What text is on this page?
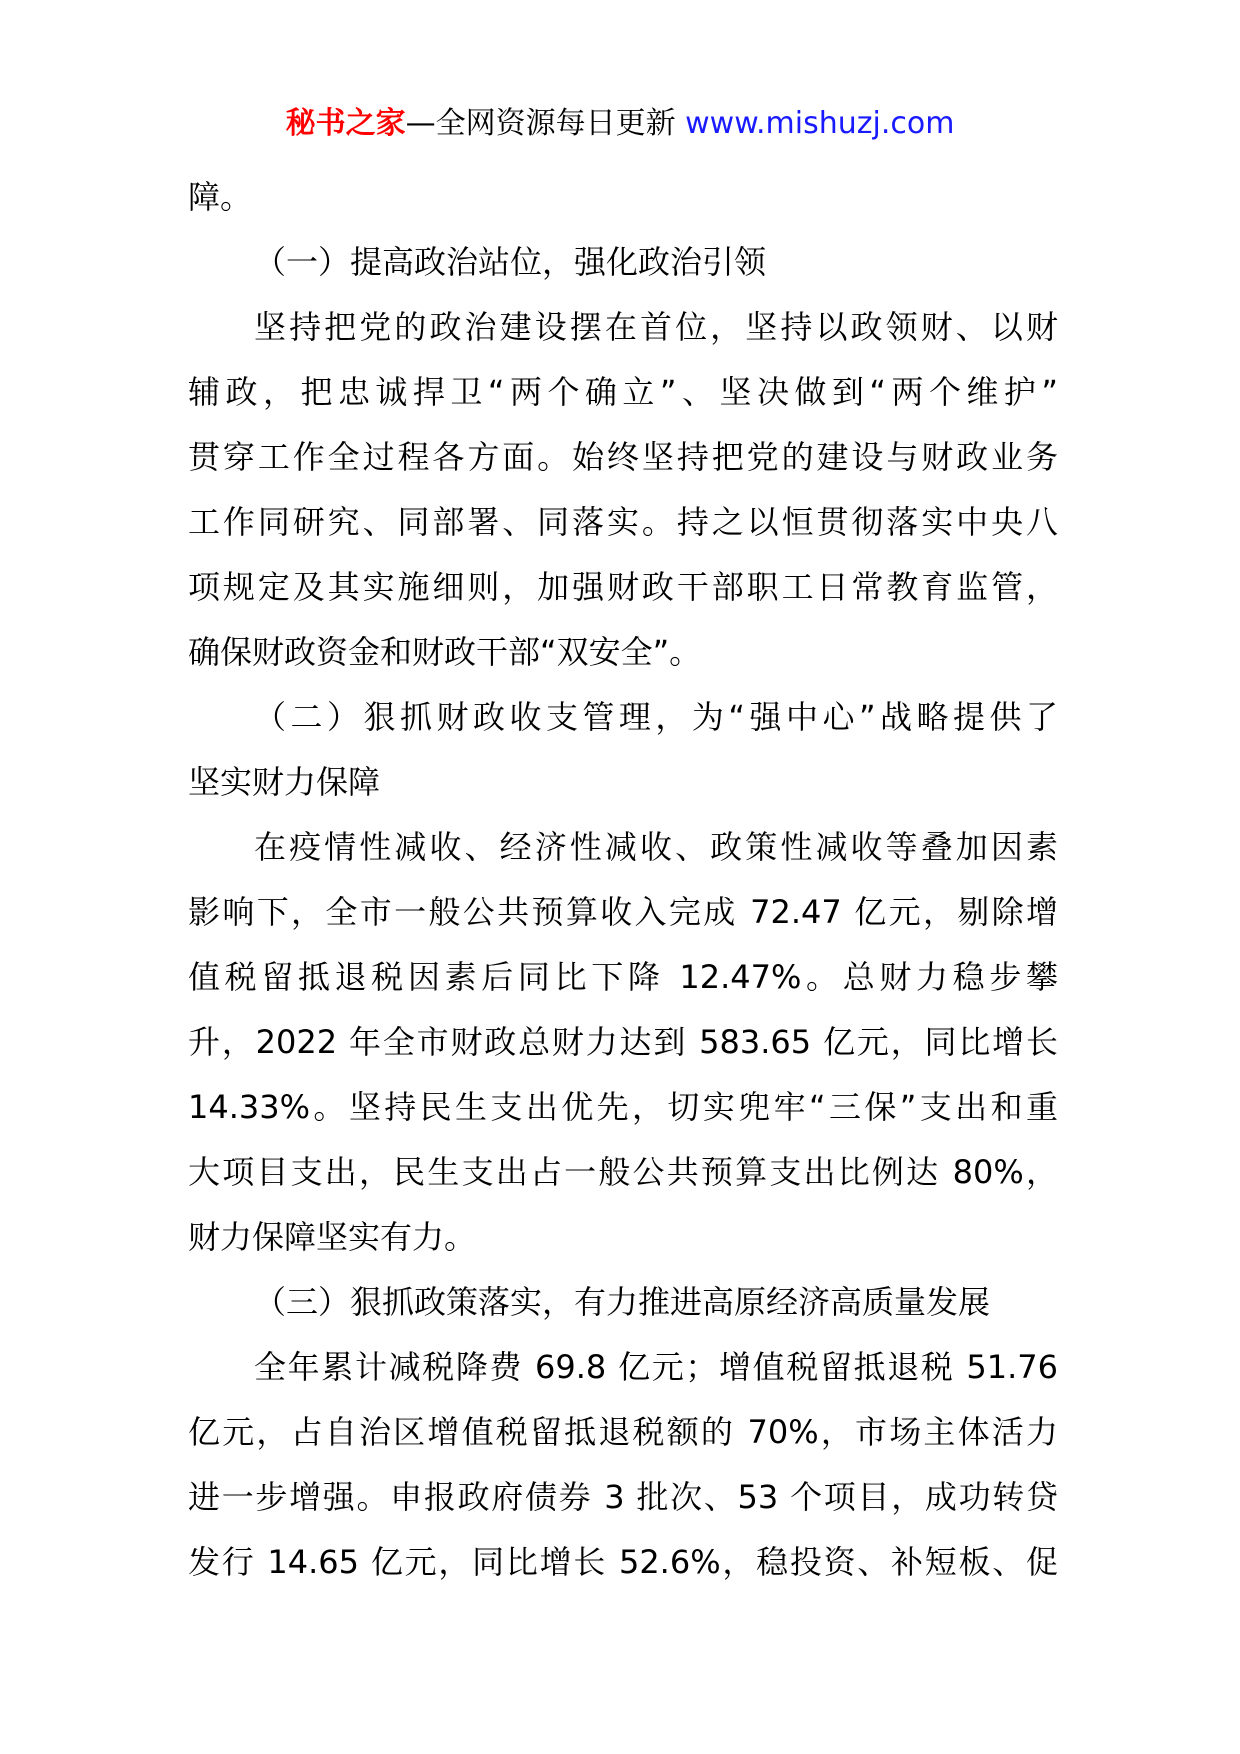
秘书之家—全网资源每日更新 www.mishuzj.com
障。
（一）提高政治站位，强化政治引领
坚持把党的政治建设摆在首位，坚持以政领财、以财
辅政，把忠诚捍卫“两个确立”、坚决做到“两个维护”
贯穿工作全过程各方面。始终坚持把党的建设与财政业务
工作同研究、同部署、同落实。持之以恒贯彻落实中央八
项规定及其实施细则，加强财政干部职工日常教育监管，
确保财政资金和财政干部“双安全”。
（二）狠抓财政收支管理，为“强中心”战略提供了
坚实财力保障
在疫情性减收、经济性减收、政策性减收等叠加因素
影响下，全市一般公共预算收入完成 72.47 亿元，剔除增
值税留抵退税因素后同比下降 12.47%。总财力稳步攀
升，2022 年全市财政总财力达到 583.65 亿元，同比增长
14.33%。坚持民生支出优先，切实兜牢“三保”支出和重
大项目支出，民生支出占一般公共预算支出比例达 80%，
财力保障坚实有力。
（三）狠抓政策落实，有力推进高原经济高质量发展
全年累计减税降费 69.8 亿元；增值税留抵退税 51.76
亿元，占自治区增值税留抵退税额的 70%，市场主体活力
进一步增强。申报政府债券 3 批次、53 个项目，成功转贷
发行 14.65 亿元，同比增长 52.6%，稳投资、补短板、促
